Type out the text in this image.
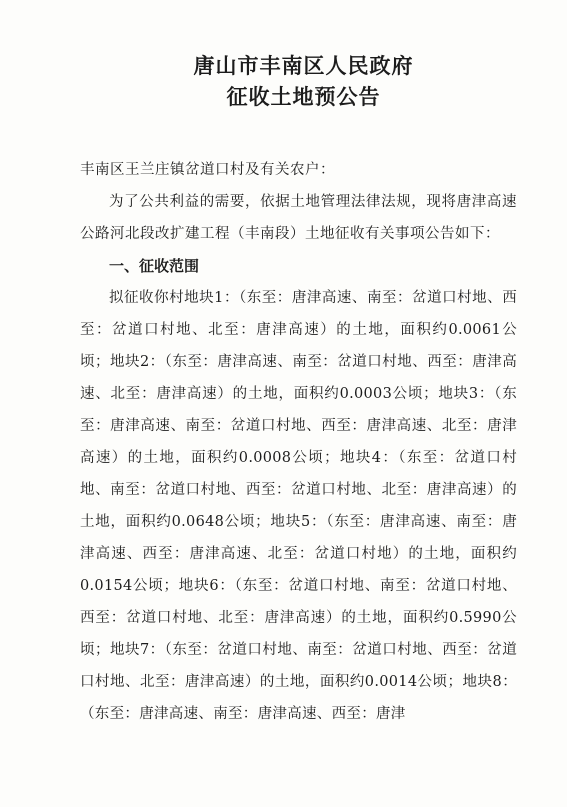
唐山市丰南区人民政府
征收土地预公告
丰南区王兰庄镇岔道口村及有关农户：

为了公共利益的需要，依据土地管理法律法规，现将唐津高速公路河北段改扩建工程（丰南段）土地征收有关事项公告如下：

一、征收范围

拟征收你村地块1：（东至：唐津高速、南至：岔道口村地、西至：岔道口村地、北至：唐津高速）的土地，面积约0.0061公顷；地块2：（东至：唐津高速、南至：岔道口村地、西至：唐津高速、北至：唐津高速）的土地，面积约0.0003公顷；地块3：（东至：唐津高速、南至：岔道口村地、西至：唐津高速、北至：唐津高速）的土地，面积约0.0008公顷；地块4：（东至：岔道口村地、南至：岔道口村地、西至：岔道口村地、北至：唐津高速）的土地，面积约0.0648公顷；地块5：（东至：唐津高速、南至：唐津高速、西至：唐津高速、北至：岔道口村地）的土地，面积约0.0154公顷；地块6：（东至：岔道口村地、南至：岔道口村地、西至：岔道口村地、北至：唐津高速）的土地，面积约0.5990公顷；地块7：（东至：岔道口村地、南至：岔道口村地、西至：岔道口村地、北至：唐津高速）的土地，面积约0.0014公顷；地块8：（东至：唐津高速、南至：唐津高速、西至：唐津
